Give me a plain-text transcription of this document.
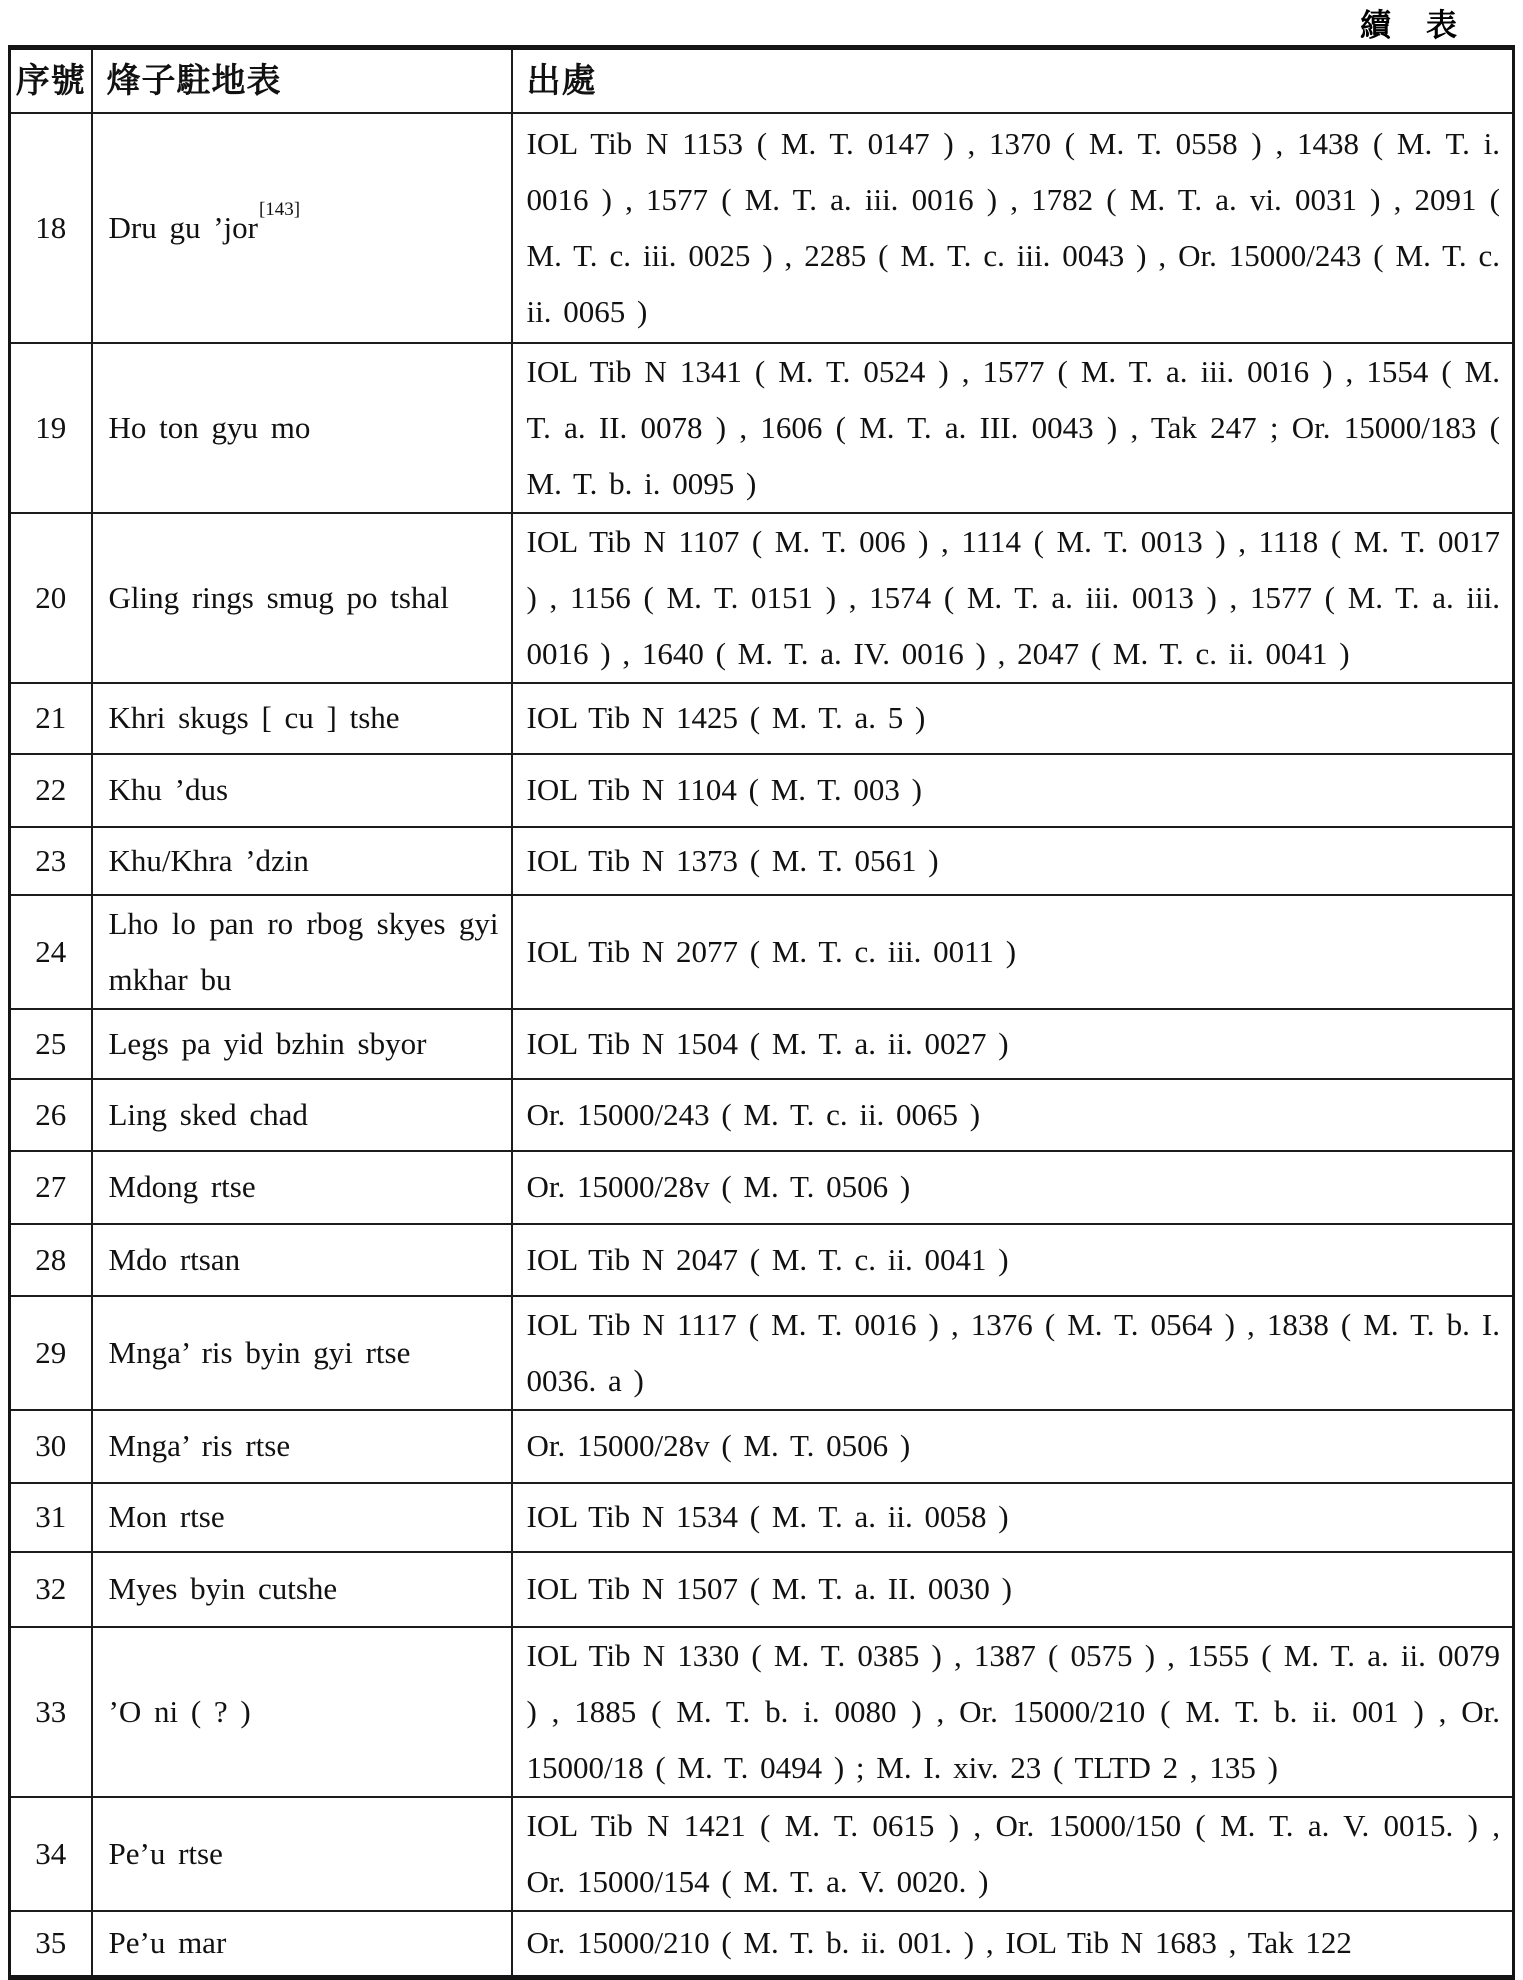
續　表
序號	烽子駐地表	出處
18	Dru gu ’jor[143]	IOL Tib N 1153 ( M. T. 0147 ) , 1370 ( M. T. 0558 ) , 1438 ( M. T. i. 0016 ) , 1577 ( M. T. a. iii. 0016 ) , 1782 ( M. T. a. vi. 0031 ) , 2091 ( M. T. c. iii. 0025 ) , 2285 ( M. T. c. iii. 0043 ) , Or. 15000/243 ( M. T. c. ii. 0065 )
19	Ho ton gyu mo	IOL Tib N 1341 ( M. T. 0524 ) , 1577 ( M. T. a. iii. 0016 ) , 1554 ( M. T. a. II. 0078 ) , 1606 ( M. T. a. III. 0043 ) , Tak 247 ; Or. 15000/183 ( M. T. b. i. 0095 )
20	Gling rings smug po tshal	IOL Tib N 1107 ( M. T. 006 ) , 1114 ( M. T. 0013 ) , 1118 ( M. T. 0017 ) , 1156 ( M. T. 0151 ) , 1574 ( M. T. a. iii. 0013 ) , 1577 ( M. T. a. iii. 0016 ) , 1640 ( M. T. a. IV. 0016 ) , 2047 ( M. T. c. ii. 0041 )
21	Khri skugs [ cu ] tshe	IOL Tib N 1425 ( M. T. a. 5 )
22	Khu ’dus	IOL Tib N 1104 ( M. T. 003 )
23	Khu/Khra ’dzin	IOL Tib N 1373 ( M. T. 0561 )
24	Lho lo pan ro rbog skyes gyi mkhar bu	IOL Tib N 2077 ( M. T. c. iii. 0011 )
25	Legs pa yid bzhin sbyor	IOL Tib N 1504 ( M. T. a. ii. 0027 )
26	Ling sked chad	Or. 15000/243 ( M. T. c. ii. 0065 )
27	Mdong rtse	Or. 15000/28v ( M. T. 0506 )
28	Mdo rtsan	IOL Tib N 2047 ( M. T. c. ii. 0041 )
29	Mnga’ ris byin gyi rtse	IOL Tib N 1117 ( M. T. 0016 ) , 1376 ( M. T. 0564 ) , 1838 ( M. T. b. I. 0036. a )
30	Mnga’ ris rtse	Or. 15000/28v ( M. T. 0506 )
31	Mon rtse	IOL Tib N 1534 ( M. T. a. ii. 0058 )
32	Myes byin cutshe	IOL Tib N 1507 ( M. T. a. II. 0030 )
33	’O ni ( ? )	IOL Tib N 1330 ( M. T. 0385 ) , 1387 ( 0575 ) , 1555 ( M. T. a. ii. 0079 ) , 1885 ( M. T. b. i. 0080 ) , Or. 15000/210 ( M. T. b. ii. 001 ) , Or. 15000/18 ( M. T. 0494 ) ; M. I. xiv. 23 ( TLTD 2 , 135 )
34	Pe’u rtse	IOL Tib N 1421 ( M. T. 0615 ) , Or. 15000/150 ( M. T. a. V. 0015. ) , Or. 15000/154 ( M. T. a. V. 0020. )
35	Pe’u mar	Or. 15000/210 ( M. T. b. ii. 001. ) , IOL Tib N 1683 , Tak 122
